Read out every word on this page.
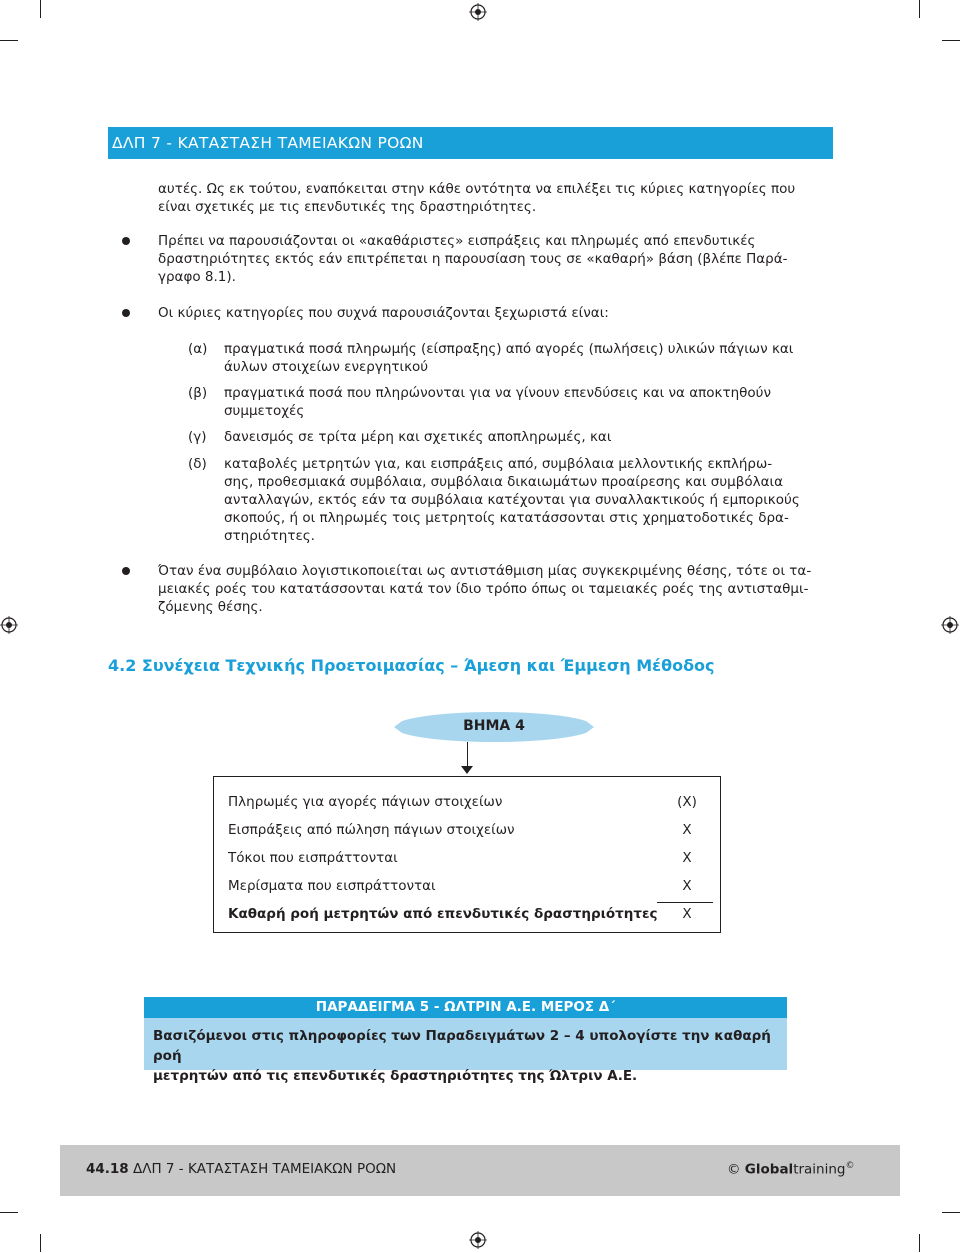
ΔΛΠ 7 - ΚΑΤΑΣΤΑΣΗ ΤΑΜΕΙΑΚΩΝ ΡΟΩΝ

αυτές. Ως εκ τούτου, εναπόκειται στην κάθε οντότητα να επιλέξει τις κύριες κατηγορίες που

είναι σχετικές με τις επενδυτικές της δραστηριότητες.

Πρέπει να παρουσιάζονται οι «ακαθάριστες» εισπράξεις και πληρωμές από επενδυτικές

δραστηριότητες εκτός εάν επιτρέπεται η παρουσίαση τους σε «καθαρή» βάση (βλέπε Παρά-

γραφο 8.1).

Οι κύριες κατηγορίες που συχνά παρουσιάζονται ξεχωριστά είναι:

(α)	πραγματικά ποσά πληρωμής (είσπραξης) από αγορές (πωλήσεις) υλικών πάγιων και

άυλων στοιχείων ενεργητικού

(β)	πραγματικά ποσά που πληρώνονται για να γίνουν επενδύσεις και να αποκτηθούν

συμμετοχές

(γ)	δανεισμός σε τρίτα μέρη και σχετικές αποπληρωμές, και

(δ)	καταβολές μετρητών για, και εισπράξεις από, συμβόλαια μελλοντικής εκπλήρω-

σης, προθεσμιακά συμβόλαια, συμβόλαια δικαιωμάτων προαίρεσης και συμβόλαια

ανταλλαγών, εκτός εάν τα συμβόλαια κατέχονται για συναλλακτικούς ή εμπορικούς

σκοπούς, ή οι πληρωμές τοις μετρητοίς κατατάσσονται στις χρηματοδοτικές δρα-

στηριότητες.

Όταν ένα συμβόλαιο λογιστικοποιείται ως αντιστάθμιση μίας συγκεκριμένης θέσης, τότε οι τα-

μειακές ροές του κατατάσσονται κατά τον ίδιο τρόπο όπως οι ταμειακές ροές της αντισταθμι-

ζόμενης θέσης.

4.2 Συνέχεια Τεχνικής Προετοιμασίας – Άμεση και Έμμεση Μέθοδος
ΒΗΜΑ 4
Πληρωμές για αγορές πάγιων στοιχείων	(Χ)
Εισπράξεις από πώληση πάγιων στοιχείων	Χ
Τόκοι που εισπράττονται	Χ
Μερίσματα που εισπράττονται	Χ
Καθαρή ροή μετρητών από επενδυτικές δραστηριότητες	Χ
ΠΑΡΑΔΕΙΓΜΑ 5 - ΩΛΤΡΙΝ Α.Ε. ΜΕΡΟΣ Δ΄
Βασιζόμενοι στις πληροφορίες των Παραδειγμάτων 2 – 4 υπολογίστε την καθαρή ροή
μετρητών από τις επενδυτικές δραστηριότητες της Ώλτριν Α.Ε.
44.18 ΔΛΠ 7 - ΚΑΤΑΣΤΑΣΗ ΤΑΜΕΙΑΚΩΝ ΡΟΩΝ	© Globaltraining©
